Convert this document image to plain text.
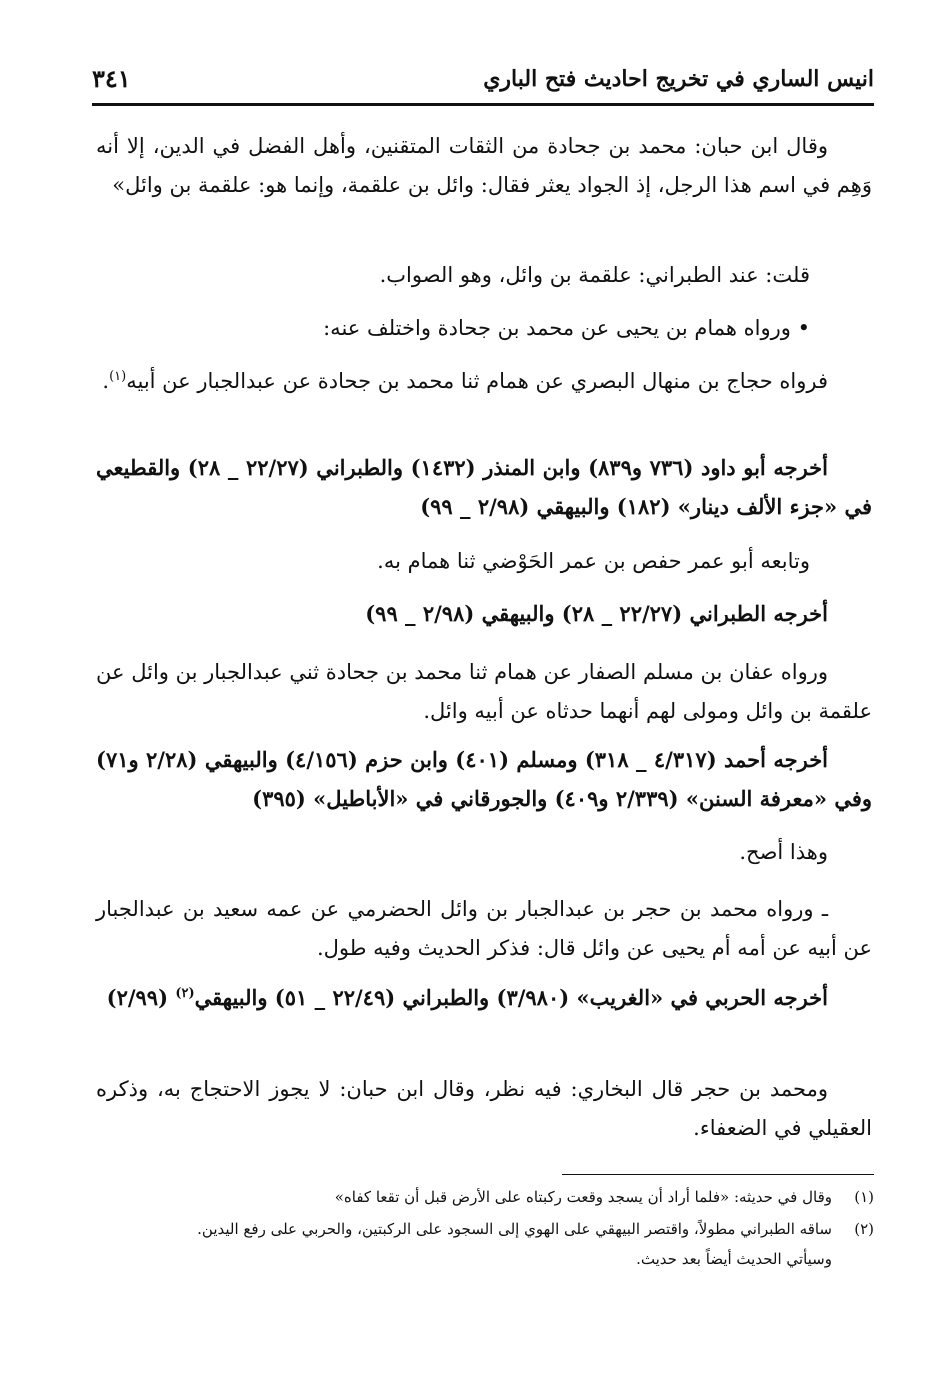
انيس الساري في تخريج احاديث فتح الباري
٣٤١

وقال ابن حبان: محمد بن جحادة من الثقات المتقنين، وأهل الفضل في الدين، إلا أنه وَهِم في اسم هذا الرجل، إذ الجواد يعثر فقال: وائل بن علقمة، وإنما هو: علقمة بن وائل»

قلت: عند الطبراني: علقمة بن وائل، وهو الصواب.

• ورواه همام بن يحيى عن محمد بن جحادة واختلف عنه:

فرواه حجاج بن منهال البصري عن همام ثنا محمد بن جحادة عن عبدالجبار عن أبيه$^{(١)}$.

أخرجه أبو داود (٧٣٦ و٨٣٩) وابن المنذر (١٤٣٢) والطبراني (٢٢/٢٧ _ ٢٨) والقطيعي في «جزء الألف دينار» (١٨٢) والبيهقي (٢/٩٨ _ ٩٩)

وتابعه أبو عمر حفص بن عمر الحَوْضي ثنا همام به.

أخرجه الطبراني (٢٢/٢٧ _ ٢٨) والبيهقي (٢/٩٨ _ ٩٩)

ورواه عفان بن مسلم الصفار عن همام ثنا محمد بن جحادة ثني عبدالجبار بن وائل عن علقمة بن وائل ومولى لهم أنهما حدثاه عن أبيه وائل.

أخرجه أحمد (٤/٣١٧ _ ٣١٨) ومسلم (٤٠١) وابن حزم (٤/١٥٦) والبيهقي (٢/٢٨ و٧١) وفي «معرفة السنن» (٢/٣٣٩ و٤٠٩) والجورقاني في «الأباطيل» (٣٩٥)

وهذا أصح.

ـ ورواه محمد بن حجر بن عبدالجبار بن وائل الحضرمي عن عمه سعيد بن عبدالجبار عن أبيه عن أمه أم يحيى عن وائل قال: فذكر الحديث وفيه طول.

أخرجه الحربي في «الغريب» (٣/٩٨٠) والطبراني (٢٢/٤٩ _ ٥١) والبيهقي$^{(٢)}$ (٢/٩٩)

ومحمد بن حجر قال البخاري: فيه نظر، وقال ابن حبان: لا يجوز الاحتجاج به، وذكره العقيلي في الضعفاء.

(١)وقال في حديثه: «فلما أراد أن يسجد وقعت ركبتاه على الأرض قبل أن تقعا كفاه»

(٢)ساقه الطبراني مطولاً، واقتصر البيهقي على الهوي إلى السجود على الركبتين، والحربي على رفع اليدين.

وسيأتي الحديث أيضاً بعد حديث.
